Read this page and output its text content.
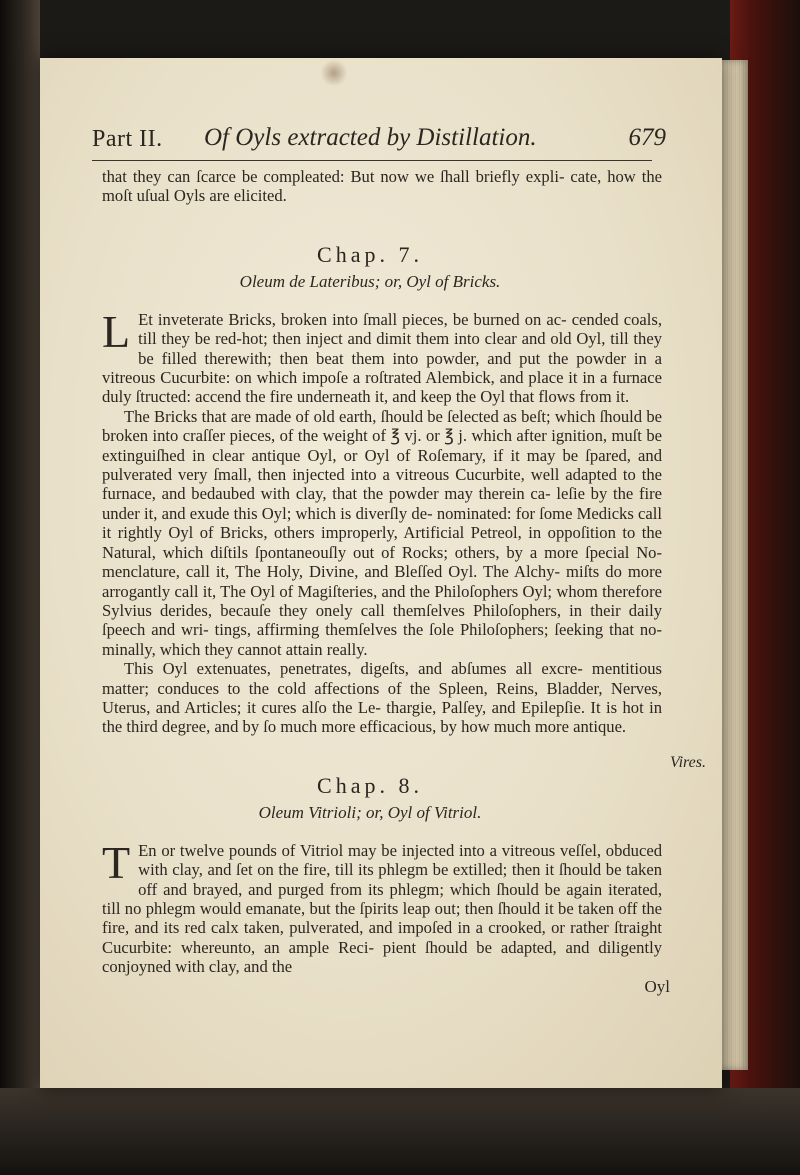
Part II. Of Oyls extracted by Distillation.	679

that they can ſcarce be compleated: But now we ſhall briefly expli- cate, how the moſt uſual Oyls are elicited.

Chap. 7.
Oleum de Lateribus; or, Oyl of Bricks.

L Et inveterate Bricks, broken into ſmall pieces, be burned on ac- cended coals, till they be red-hot; then inject and dimit them into clear and old Oyl, till they be filled therewith; then beat them into powder, and put the powder in a vitreous Cucurbite: on which impoſe a roſtrated Alembick, and place it in a furnace duly ſtructed: accend the fire underneath it, and keep the Oyl that flows from it.

The Bricks that are made of old earth, ſhould be ſelected as beſt; which ſhould be broken into craſſer pieces, of the weight of ℥ vj. or ℥ j. which after ignition, muſt be extinguiſhed in clear antique Oyl, or Oyl of Roſemary, if it may be ſpared, and pulverated very ſmall, then injected into a vitreous Cucurbite, well adapted to the furnace, and bedaubed with clay, that the powder may therein ca- leſie by the fire under it, and exude this Oyl; which is diverſly de- nominated: for ſome Medicks call it rightly Oyl of Bricks, others improperly, Artificial Petreol, in oppoſition to the Natural, which diſtils ſpontaneouſly out of Rocks; others, by a more ſpecial No- menclature, call it, The Holy, Divine, and Bleſſed Oyl. The Alchy- miſts do more arrogantly call it, The Oyl of Magiſteries, and the Philoſophers Oyl; whom therefore Sylvius derides, becauſe they onely call themſelves Philoſophers, in their daily ſpeech and wri- tings, affirming themſelves the ſole Philoſophers; ſeeking that no- minally, which they cannot attain really.

This Oyl extenuates, penetrates, digeſts, and abſumes all excre- mentitious matter; conduces to the cold affections of the Spleen, Reins, Bladder, Nerves, Uterus, and Articles; it cures alſo the Le- thargie, Palſey, and Epilepſie. It is hot in the third degree, and by ſo much more efficacious, by how much more antique.

Chap. 8.
Oleum Vitrioli; or, Oyl of Vitriol.

T En or twelve pounds of Vitriol may be injected into a vitreous veſſel, obduced with clay, and ſet on the fire, till its phlegm be extilled; then it ſhould be taken off and brayed, and purged from its phlegm; which ſhould be again iterated, till no phlegm would emanate, but the ſpirits leap out; then ſhould it be taken off the fire, and its red calx taken, pulverated, and impoſed in a crooked, or rather ſtraight Cucurbite: whereunto, an ample Reci- pient ſhould be adapted, and diligently conjoyned with clay, and the

Oyl
Vires.
